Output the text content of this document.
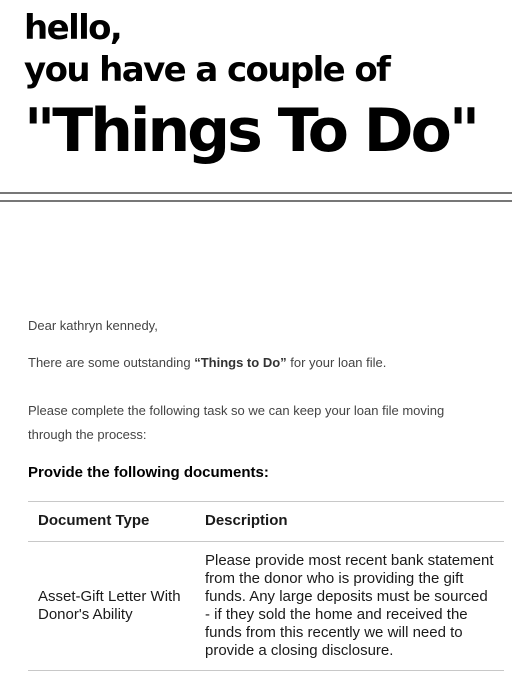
hello,
you have a couple of
"Things To Do"
Dear kathryn kennedy,
There are some outstanding “Things to Do” for your loan file.
Please complete the following task so we can keep your loan file moving through the process:
Provide the following documents:
Document Type	Description
Asset-Gift Letter With Donor's Ability	Please provide most recent bank statement from the donor who is providing the gift funds. Any large deposits must be sourced - if they sold the home and received the funds from this recently we will need to provide a closing disclosure.
